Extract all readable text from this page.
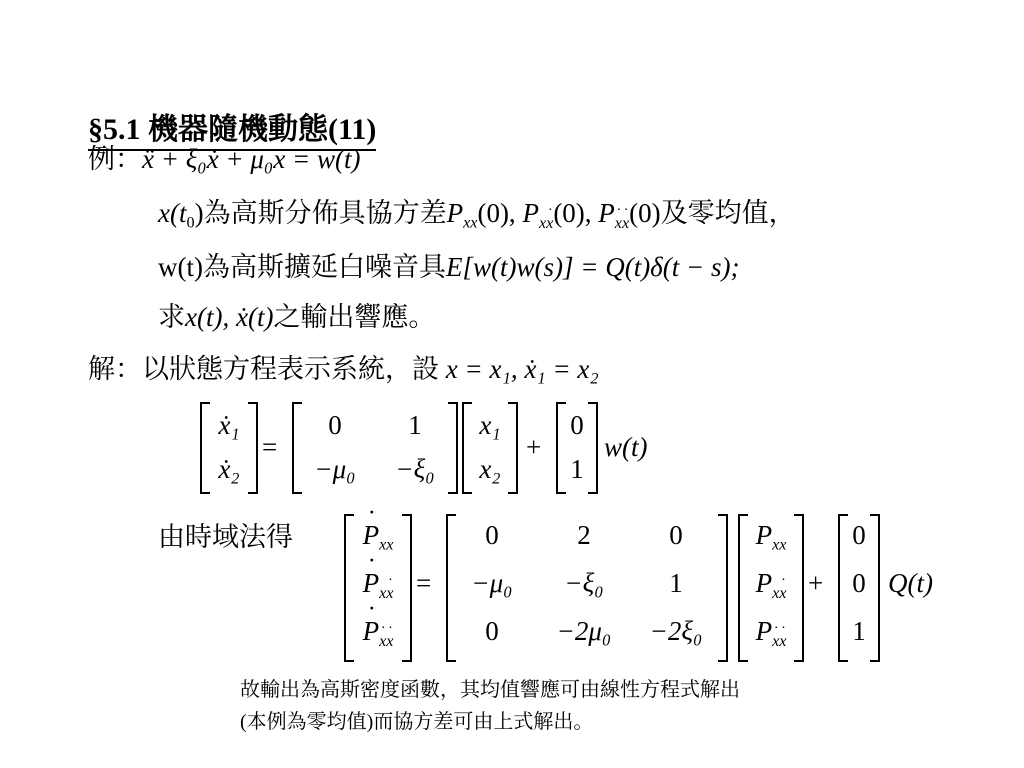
§5.1 機器隨機動態(11)
例：ẍ + ξ₀ẋ + μ₀x = w(t)
$x(t_0)$為高斯分佈具協方差$P_{xx}(0)$, $P_{x˙ x}(0)$, P˙ $_{x˙ x}$(0)及零均值，
w(t)為高斯擴延白噪音具E[w(t)w(s)] = Q(t)δ(t − s);
求x(t), ẋ(t)之輸出響應。
解：以狀態方程表示系統，設 x = x₁, ẋ₁ = x₂
ẋ₁
ẋ₂
=
0	1
−μ₀	−ξ₀
x₁
x₂
+
0
1
w(t)
由時域法得
˙	$P_{xx}$
˙ $P_{x˙ x}$
˙ P˙ $_{x˙ x}$
=
0	2	0
−μ₀	−ξ₀	1
0	−2μ₀	−2ξ₀
$P_{xx}$
$P_{x˙ x}$
P˙ $_{x˙ x}$
+
0
0
1
Q(t)
故輸出為高斯密度函數，其均值響應可由線性方程式解出
(本例為零均值)而協方差可由上式解出。
